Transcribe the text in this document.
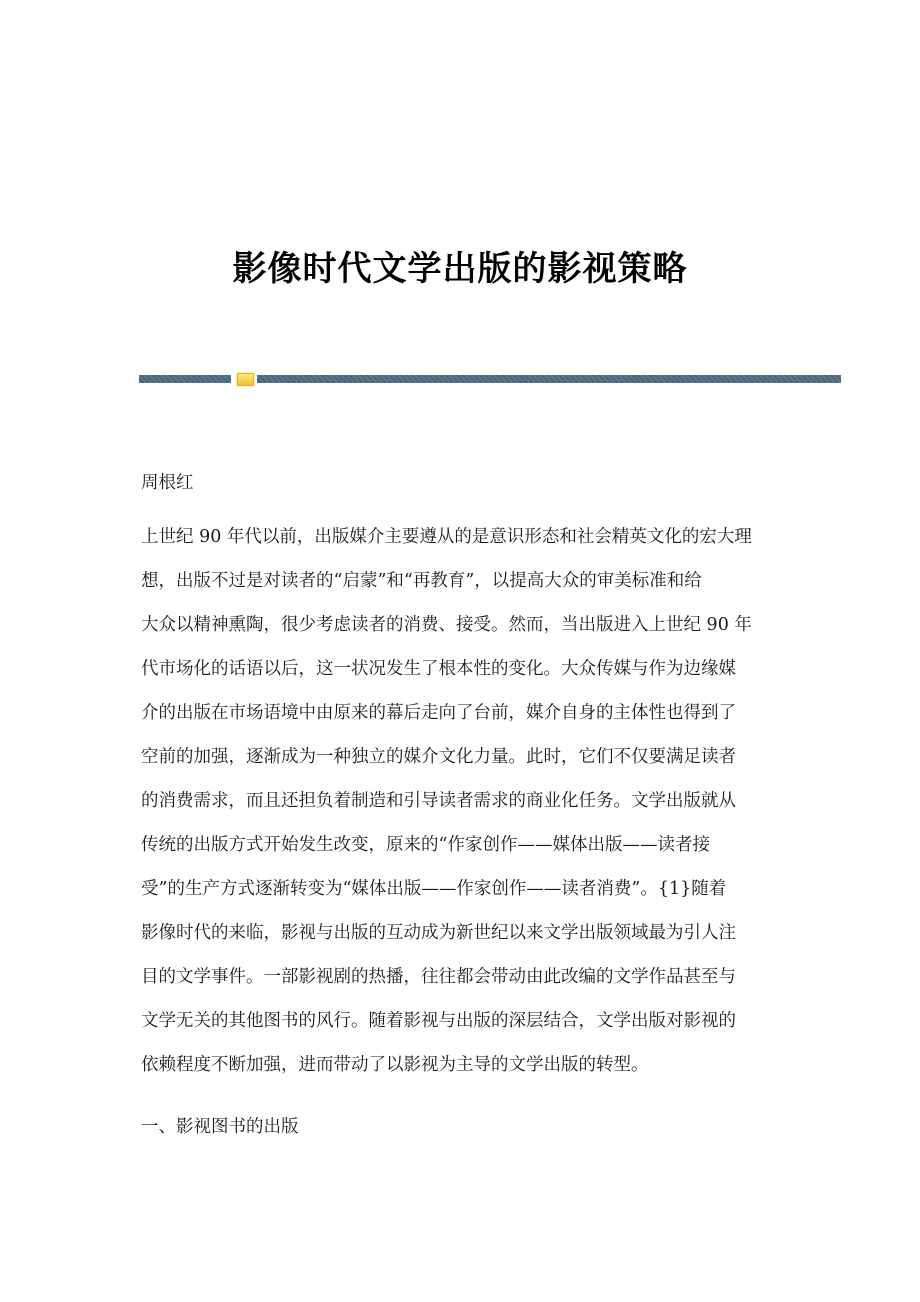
影像时代文学出版的影视策略

周根红

上世纪 90 年代以前，出版媒介主要遵从的是意识形态和社会精英文化的宏大理
想，出版不过是对读者的“启蒙”和“再教育”，以提高大众的审美标准和给
大众以精神熏陶，很少考虑读者的消费、接受。然而，当出版进入上世纪 90 年
代市场化的话语以后，这一状况发生了根本性的变化。大众传媒与作为边缘媒
介的出版在市场语境中由原来的幕后走向了台前，媒介自身的主体性也得到了
空前的加强，逐渐成为一种独立的媒介文化力量。此时，它们不仅要满足读者
的消费需求，而且还担负着制造和引导读者需求的商业化任务。文学出版就从
传统的出版方式开始发生改变，原来的“作家创作——媒体出版——读者接
受”的生产方式逐渐转变为“媒体出版——作家创作——读者消费”。{1}随着
影像时代的来临，影视与出版的互动成为新世纪以来文学出版领域最为引人注
目的文学事件。一部影视剧的热播，往往都会带动由此改编的文学作品甚至与
文学无关的其他图书的风行。随着影视与出版的深层结合，文学出版对影视的
依赖程度不断加强，进而带动了以影视为主导的文学出版的转型。

一、影视图书的出版
